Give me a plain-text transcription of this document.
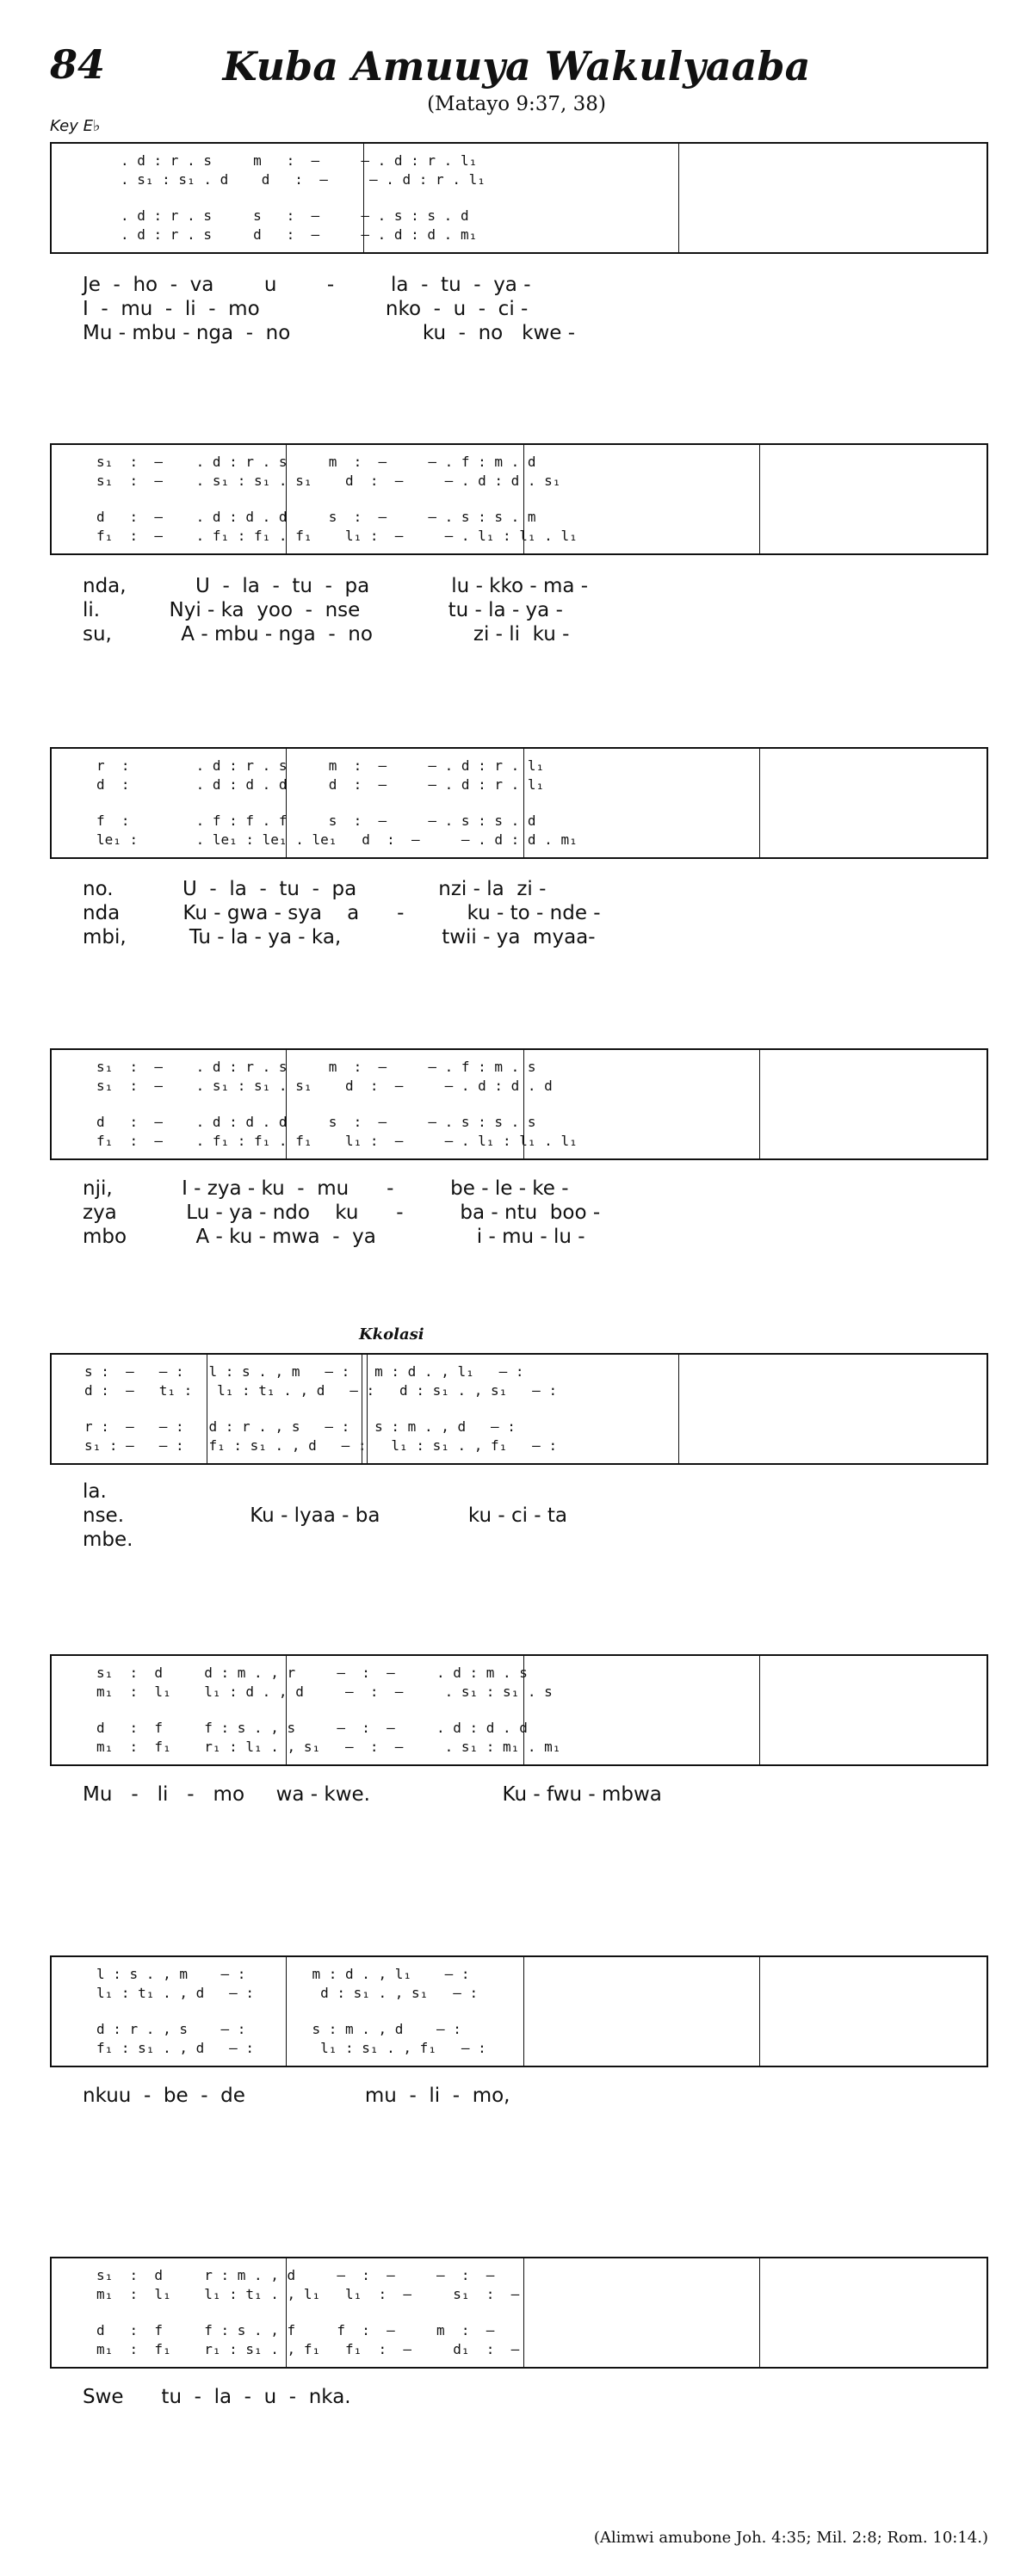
84	Kuba Amuuya Wakulyaaba
(Matayo 9:37, 38)
Key E♭
. d : r . s     m   :  —     – . d : r . l₁
. s₁ : s₁ . d    d   :  —     – . d : r . l₁
. d : r . s     s   :  —     – . s : s . d
. d : r . s     d   :  —     – . d : d . m₁
Je  -  ho  -  va        u        -         la  -  tu  -  ya -
I  -  mu  -  li  -  mo                    nko  -  u  -  ci -
Mu - mbu - nga  -  no                     ku  -  no   kwe -
s₁  :  —    . d : r . s     m  :  —     – . f : m . d
s₁  :  —    . s₁ : s₁ . s₁    d  :  —     – . d : d . s₁
d   :  —    . d : d . d     s  :  —     – . s : s . m
f₁  :  —    . f₁ : f₁ . f₁    l₁ :  —     – . l₁ : l₁ . l₁
nda,           U  -  la  -  tu  -  pa             lu - kko - ma -
li.           Nyi - ka  yoo  -  nse              tu - la - ya -
su,           A - mbu - nga  -  no                zi - li  ku -
r  :        . d : r . s     m  :  —     – . d : r . l₁
d  :        . d : d . d     d  :  —     – . d : r . l₁
f  :        . f : f . f     s  :  —     – . s : s . d
le₁ :       . le₁ : le₁ . le₁   d  :  —     – . d : d . m₁
no.           U  -  la  -  tu  -  pa             nzi - la  zi -
nda          Ku - gwa - sya    a      -          ku - to - nde -
mbi,          Tu - la - ya - ka,                twii - ya  myaa-
s₁  :  —    . d : r . s     m  :  —     – . f : m . s
s₁  :  —    . s₁ : s₁ . s₁    d  :  —     – . d : d . d
d   :  —    . d : d . d     s  :  —     – . s : s . s
f₁  :  —    . f₁ : f₁ . f₁    l₁ :  —     – . l₁ : l₁ . l₁
nji,           I - zya - ku  -  mu      -         be - le - ke -
zya           Lu - ya - ndo    ku      -         ba - ntu  boo -
mbo           A - ku - mwa  -  ya                i - mu - lu -
Kkolasi
s :  —   — :   l : s . , m   — :   m : d . , l₁   — :
d :  —   t₁ :   l₁ : t₁ . , d   — :   d : s₁ . , s₁   — :
r :  —   — :   d : r . , s   — :   s : m . , d   — :
s₁ : —   — :   f₁ : s₁ . , d   — :   l₁ : s₁ . , f₁   — :
la.
nse.                    Ku - lyaa - ba              ku - ci - ta
mbe.
s₁  :  d     d : m . , r     —  :  —     . d : m . s
m₁  :  l₁    l₁ : d . , d     —  :  —     . s₁ : s₁ . s
d   :  f     f : s . , s     —  :  —     . d : d . d
m₁  :  f₁    r₁ : l₁ . , s₁   —  :  —     . s₁ : m₁ . m₁
Mu   -   li   -   mo     wa - kwe.                     Ku - fwu - mbwa
l : s . , m    — :        m : d . , l₁    — :
l₁ : t₁ . , d   — :        d : s₁ . , s₁   — :
d : r . , s    — :        s : m . , d    — :
f₁ : s₁ . , d   — :        l₁ : s₁ . , f₁   — :
nkuu  -  be  -  de                   mu  -  li  -  mo,
s₁  :  d     r : m . , d     —  :  —     —  :  —
m₁  :  l₁    l₁ : t₁ . , l₁   l₁  :  —     s₁  :  —
d   :  f     f : s . , f     f  :  —     m  :  —
m₁  :  f₁    r₁ : s₁ . , f₁   f₁  :  —     d₁  :  —
Swe      tu  -  la  -  u  -  nka.
(Alimwi amubone Joh. 4:35; Mil. 2:8; Rom. 10:14.)
